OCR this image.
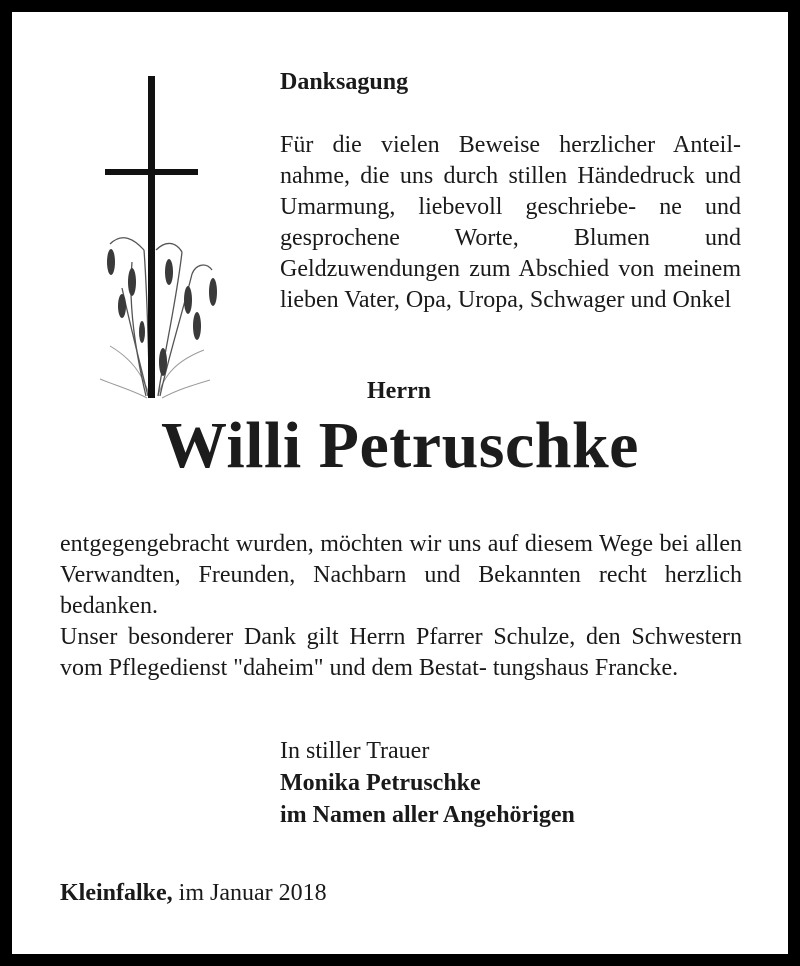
Danksagung
Für die vielen Beweise herzlicher Anteil- nahme, die uns durch stillen Händedruck und Umarmung, liebevoll geschriebe- ne und gesprochene Worte, Blumen und Geldzuwendungen zum Abschied von meinem lieben Vater, Opa, Uropa, Schwager und Onkel
Herrn
Willi Petruschke

entgegengebracht wurden, möchten wir uns auf diesem Wege bei allen Verwandten, Freunden, Nachbarn und Bekannten recht herzlich bedanken.

Unser besonderer Dank gilt Herrn Pfarrer Schulze, den Schwestern vom Pflegedienst "daheim" und dem Bestat- tungshaus Francke.

In stiller Trauer
Monika Petruschke
im Namen aller Angehörigen
Kleinfalke, im Januar 2018
